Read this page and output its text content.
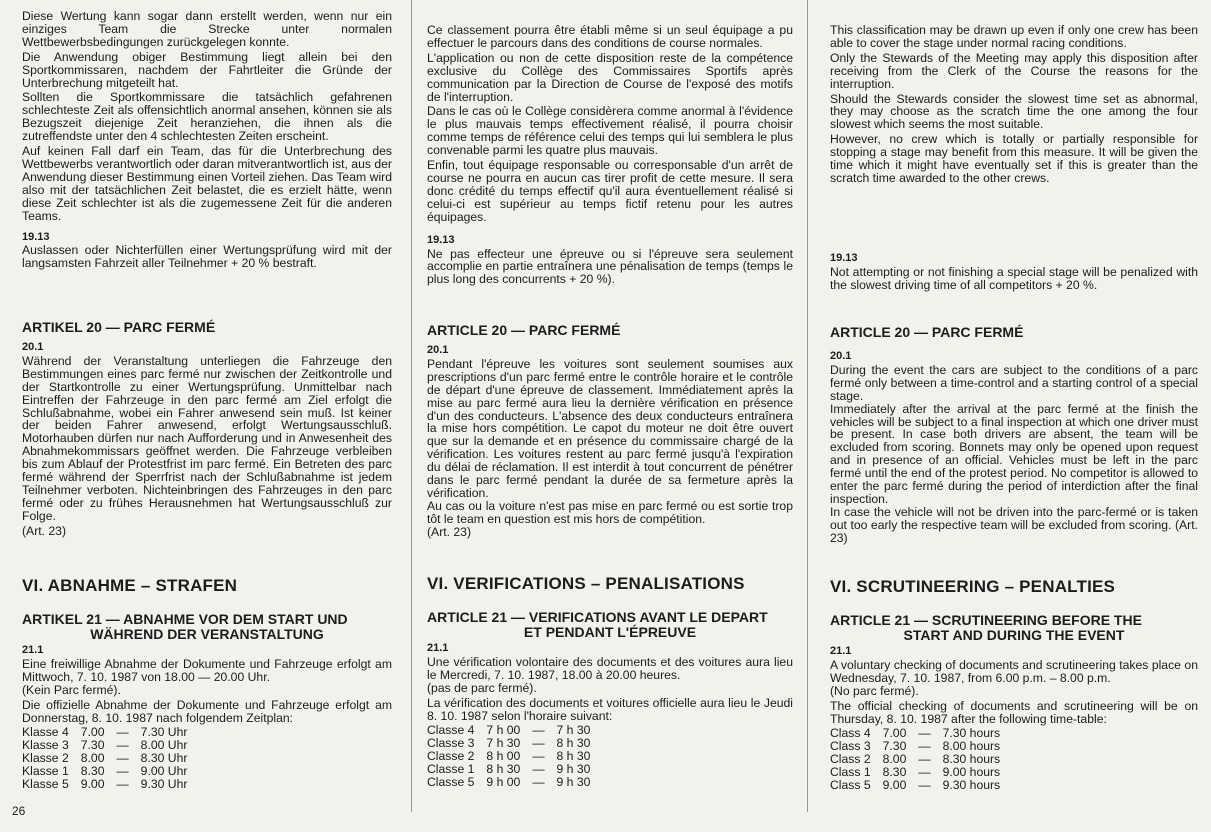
Diese Wertung kann sogar dann erstellt werden, wenn nur ein einziges Team die Strecke unter normalen Wettbewerbsbedingungen zurückgelegen konnte.

Die Anwendung obiger Bestimmung liegt allein bei den Sportkommissaren, nachdem der Fahrtleiter die Gründe der Unterbrechung mitgeteilt hat.

Sollten die Sportkommissare die tatsächlich gefahrenen schlechteste Zeit als offensichtlich anormal ansehen, können sie als Bezugszeit diejenige Zeit heranziehen, die ihnen als die zutreffendste unter den 4 schlechtesten Zeiten erscheint.

Auf keinen Fall darf ein Team, das für die Unterbrechung des Wettbewerbs verantwortlich oder daran mitverantwortlich ist, aus der Anwendung dieser Bestimmung einen Vorteil ziehen. Das Team wird also mit der tatsächlichen Zeit belastet, die es erzielt hätte, wenn diese Zeit schlechter ist als die zugemessene Zeit für die anderen Teams.

19.13

Auslassen oder Nichterfüllen einer Wertungsprüfung wird mit der langsamsten Fahrzeit aller Teilnehmer + 20 % bestraft.

ARTIKEL 20 — PARC FERMÉ
20.1

Während der Veranstaltung unterliegen die Fahrzeuge den Bestimmungen eines parc fermé nur zwischen der Zeitkontrolle und der Startkontrolle zu einer Wertungsprüfung. Unmittelbar nach Eintreffen der Fahrzeuge in den parc fermé am Ziel erfolgt die Schlußabnahme, wobei ein Fahrer anwesend sein muß. Ist keiner der beiden Fahrer anwesend, erfolgt Wertungsausschluß. Motorhauben dürfen nur nach Aufforderung und in Anwesenheit des Abnahmekommissars geöffnet werden. Die Fahrzeuge verbleiben bis zum Ablauf der Protestfrist im parc fermé. Ein Betreten des parc fermé während der Sperrfrist nach der Schlußabnahme ist jedem Teilnehmer verboten. Nichteinbringen des Fahrzeuges in den parc fermé oder zu frühes Herausnehmen hat Wertungsausschluß zur Folge.

(Art. 23)

VI. ABNAHME – STRAFEN
ARTIKEL 21 — ABNAHME VOR DEM START UND
WÄHREND DER VERANSTALTUNG
21.1

Eine freiwillige Abnahme der Dokumente und Fahrzeuge erfolgt am Mittwoch, 7. 10. 1987 von 18.00 — 20.00 Uhr.

(Kein Parc fermé).

Die offizielle Abnahme der Dokumente und Fahrzeuge erfolgt am Donnerstag, 8. 10. 1987 nach folgendem Zeitplan:

Klasse 4	7.00	—	7.30 Uhr
Klasse 3	7.30	—	8.00 Uhr
Klasse 2	8.00	—	8.30 Uhr
Klasse 1	8.30	—	9.00 Uhr
Klasse 5	9.00	—	9.30 Uhr

Ce classement pourra être établi même si un seul équipage a pu effectuer le parcours dans des conditions de course normales.

L'application ou non de cette disposition reste de la compétence exclusive du Collège des Commissaires Sportifs après communication par la Direction de Course de l'exposé des motifs de l'interruption.

Dans le cas où le Collège considèrera comme anormal à l'évidence le plus mauvais temps effectivement réalisé, il pourra choisir comme temps de référence celui des temps qui lui semblera le plus convenable parmi les quatre plus mauvais.

Enfin, tout équipage responsable ou corresponsable d'un arrêt de course ne pourra en aucun cas tirer profit de cette mesure. Il sera donc crédité du temps effectif qu'il aura éventuellement réalisé si celui-ci est supérieur au temps fictif retenu pour les autres équipages.

19.13

Ne pas effecteur une épreuve ou si l'épreuve sera seulement accomplie en partie entraînera une pénalisation de temps (temps le plus long des concurrents + 20 %).

ARTICLE 20 — PARC FERMÉ
20.1

Pendant l'épreuve les voitures sont seulement soumises aux prescriptions d'un parc fermé entre le contrôle horaire et le contrôle de départ d'une épreuve de classement. Immédiatement après la mise au parc fermé aura lieu la dernière vérification en présence d'un des conducteurs. L'absence des deux conducteurs entraînera la mise hors compétition. Le capot du moteur ne doit être ouvert que sur la demande et en présence du commissaire chargé de la vérification. Les voitures restent au parc fermé jusqu'à l'expiration du délai de réclamation. Il est interdit à tout concurrent de pénétrer dans le parc fermé pendant la durée de sa fermeture après la vérification.

Au cas ou la voiture n'est pas mise en parc fermé ou est sortie trop tôt le team en question est mis hors de compétition.

(Art. 23)

VI. VERIFICATIONS – PENALISATIONS
ARTICLE 21 — VERIFICATIONS AVANT LE DEPART
ET PENDANT L'ÉPREUVE
21.1

Une vérification volontaire des documents et des voitures aura lieu le Mercredi, 7. 10. 1987, 18.00 à 20.00 heures.

(pas de parc fermé).

La vérification des documents et voitures officielle aura lieu le Jeudi 8. 10. 1987 selon l'horaire suivant:

Classe 4	7 h 00	—	7 h 30
Classe 3	7 h 30	—	8 h 30
Classe 2	8 h 00	—	8 h 30
Classe 1	8 h 30	—	9 h 30
Classe 5	9 h 00	—	9 h 30

This classification may be drawn up even if only one crew has been able to cover the stage under normal racing conditions.

Only the Stewards of the Meeting may apply this disposition after receiving from the Clerk of the Course the reasons for the interruption.

Should the Stewards consider the slowest time set as abnormal, they may choose as the scratch time the one among the four slowest which seems the most suitable.

However, no crew which is totally or partially responsible for stopping a stage may benefit from this measure. It will be given the time which it might have eventually set if this is greater than the scratch time awarded to the other crews.

19.13

Not attempting or not finishing a special stage will be penalized with the slowest driving time of all competitors + 20 %.

ARTICLE 20 — PARC FERMÉ
20.1

During the event the cars are subject to the conditions of a parc fermé only between a time-control and a starting control of a special stage.

Immediately after the arrival at the parc fermé at the finish the vehicles will be subject to a final inspection at which one driver must be present. In case both drivers are absent, the team will be excluded from scoring. Bonnets may only be opened upon request and in presence of an official. Vehicles must be left in the parc fermé until the end of the protest period. No competitor is allowed to enter the parc fermé during the period of interdiction after the final inspection.

In case the vehicle will not be driven into the parc-fermé or is taken out too early the respective team will be excluded from scoring. (Art. 23)

VI. SCRUTINEERING – PENALTIES
ARTICLE 21 — SCRUTINEERING BEFORE THE
START AND DURING THE EVENT
21.1

A voluntary checking of documents and scrutineering takes place on Wednesday, 7. 10. 1987, from 6.00 p.m. – 8.00 p.m.

(No parc fermé).

The official checking of documents and scrutineering will be on Thursday, 8. 10. 1987 after the following time-table:

Class 4	7.00	—	7.30 hours
Class 3	7.30	—	8.00 hours
Class 2	8.00	—	8.30 hours
Class 1	8.30	—	9.00 hours
Class 5	9.00	—	9.30 hours
26
